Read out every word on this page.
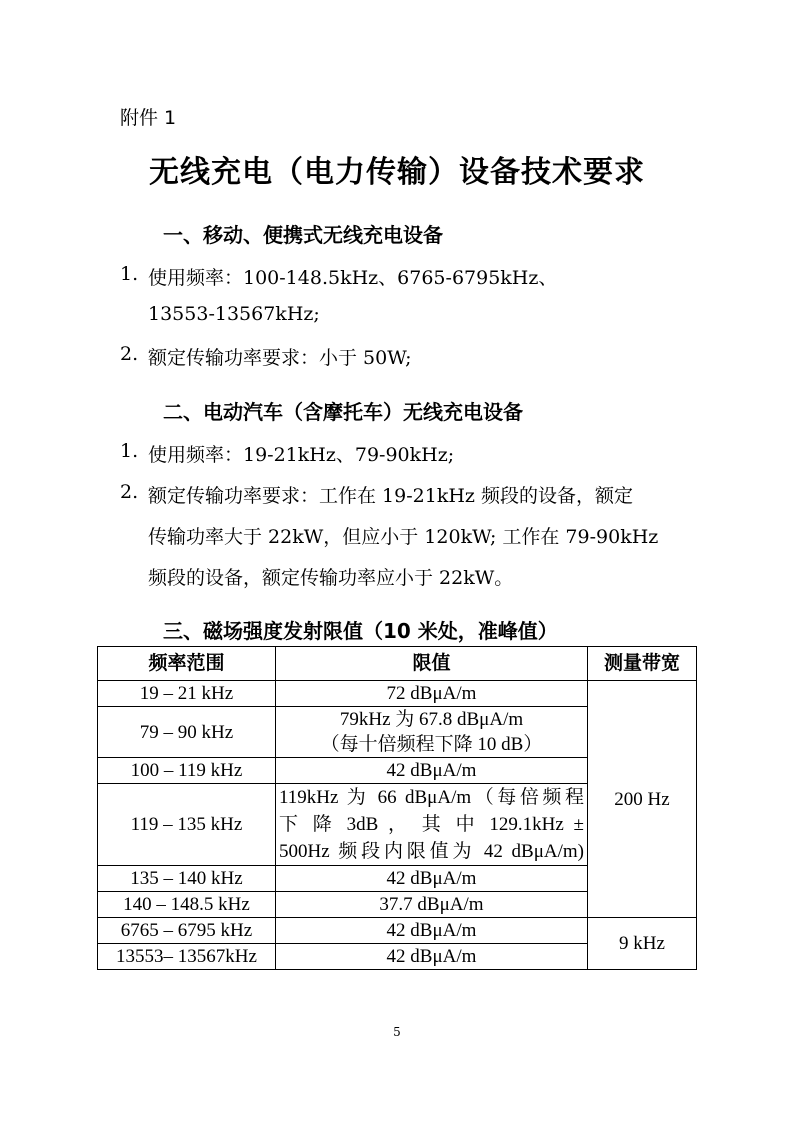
附件 1
无线充电（电力传输）设备技术要求
一、移动、便携式无线充电设备
1. 使用频率：100-148.5kHz、6765-6795kHz、
13553-13567kHz;
2. 额定传输功率要求：小于 50W;
二、电动汽车（含摩托车）无线充电设备
1. 使用频率：19-21kHz、79-90kHz;
2. 额定传输功率要求：工作在 19-21kHz 频段的设备，额定
传输功率大于 22kW，但应小于 120kW; 工作在 79-90kHz
频段的设备，额定传输功率应小于 22kW。
三、磁场强度发射限值（10 米处，准峰值）
频率范围	限值	测量带宽
19 – 21 kHz	72 dBμA/m	200 Hz
79 – 90 kHz	79kHz 为 67.8 dBμA/m
（每十倍频程下降 10 dB）	

100 – 119 kHz	42 dBμA/m	
119 – 135 kHz	119kHz 为 66 dBμA/m（每倍频程
下 降 3dB ， 其 中 129.1kHz ±
500Hz 频段内限值为 42 dBμA/m)	

135 – 140 kHz	42 dBμA/m	
140 – 148.5 kHz	37.7 dBμA/m	
6765 – 6795 kHz	42 dBμA/m	9 kHz
13553– 13567kHz	42 dBμA/m	
5
